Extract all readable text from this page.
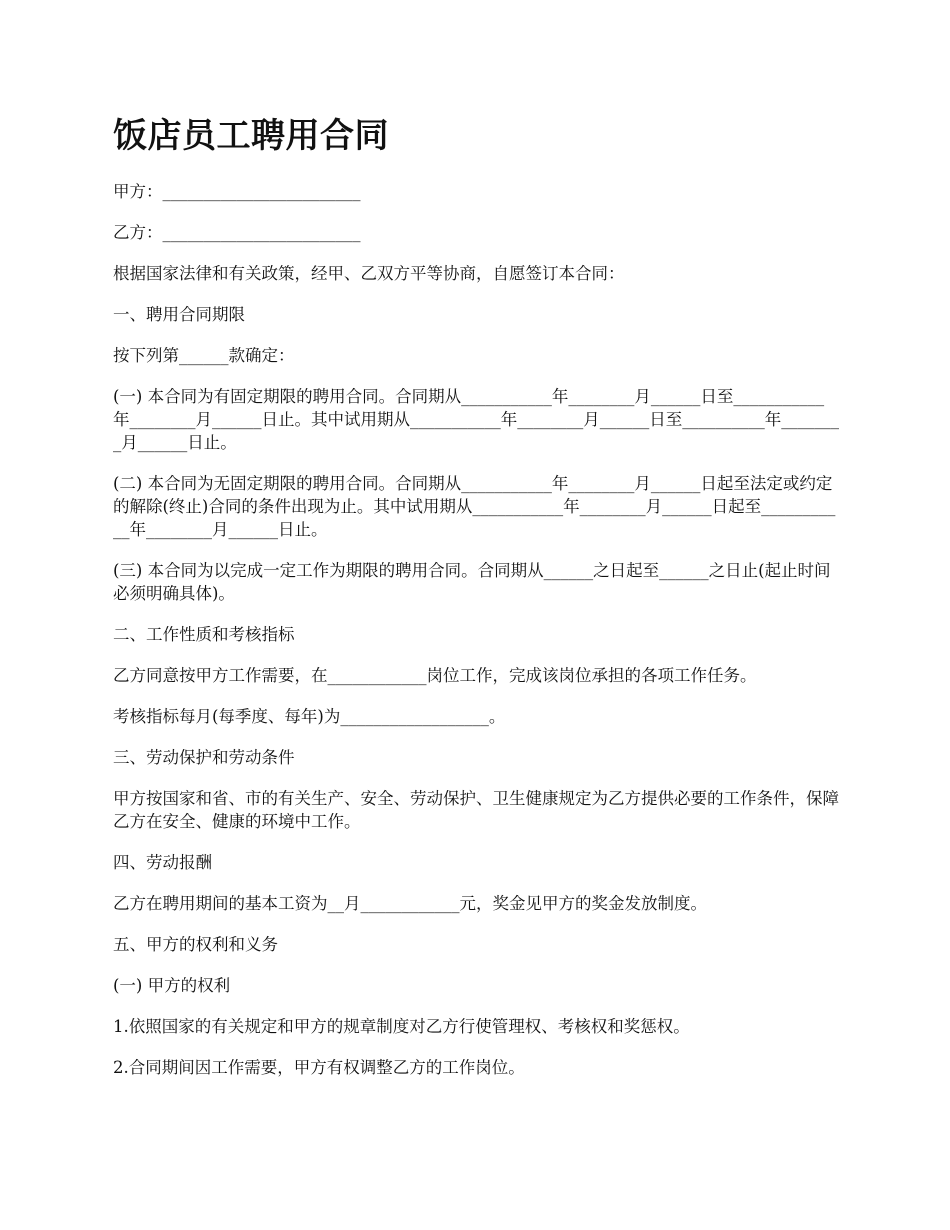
饭店员工聘用合同

甲方：________________________

乙方：________________________

根据国家法律和有关政策，经甲、乙双方平等协商，自愿签订本合同：

一、聘用合同期限

按下列第______款确定：

(一) 本合同为有固定期限的聘用合同。合同期从___________年________月______日至___________年________月______日止。其中试用期从___________年________月______日至__________年________月______日止。

(二) 本合同为无固定期限的聘用合同。合同期从___________年________月______日起至法定或约定的解除(终止)合同的条件出现为止。其中试用期从___________年________月______日起至___________年________月______日止。

(三) 本合同为以完成一定工作为期限的聘用合同。合同期从______之日起至______之日止(起止时间必须明确具体)。

二、工作性质和考核指标

乙方同意按甲方工作需要，在____________岗位工作，完成该岗位承担的各项工作任务。

考核指标每月(每季度、每年)为__________________。

三、劳动保护和劳动条件

甲方按国家和省、市的有关生产、安全、劳动保护、卫生健康规定为乙方提供必要的工作条件，保障乙方在安全、健康的环境中工作。

四、劳动报酬

乙方在聘用期间的基本工资为__月____________元，奖金见甲方的奖金发放制度。

五、甲方的权利和义务

(一) 甲方的权利

1.依照国家的有关规定和甲方的规章制度对乙方行使管理权、考核权和奖惩权。

2.合同期间因工作需要，甲方有权调整乙方的工作岗位。
